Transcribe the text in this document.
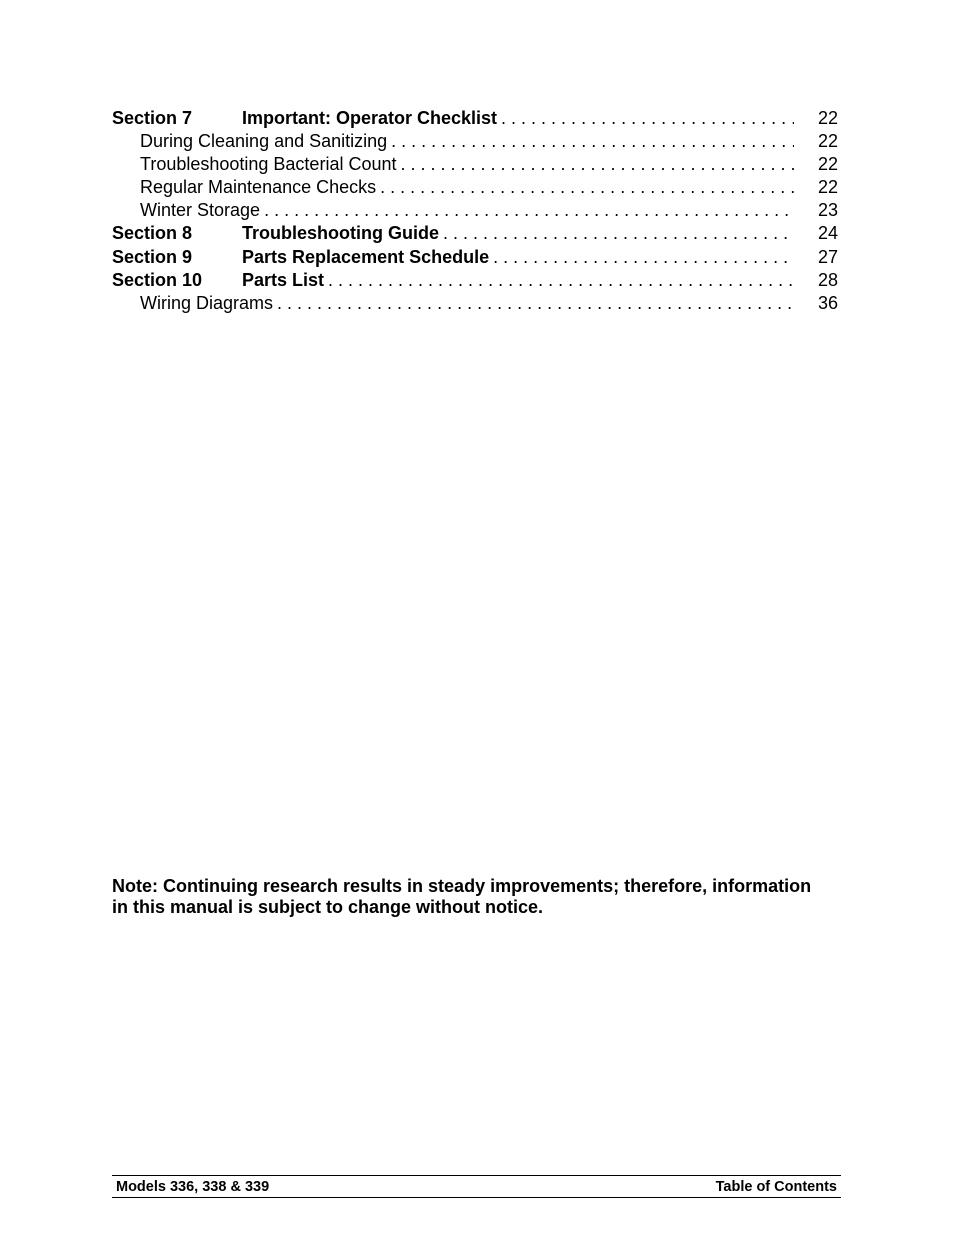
Section 7	Important: Operator Checklist . . .	22
During Cleaning and Sanitizing . . .	22
Troubleshooting Bacterial Count . . .	22
Regular Maintenance Checks . . .	22
Winter Storage . . .	23
Section 8	Troubleshooting Guide . . .	24
Section 9	Parts Replacement Schedule . . .	27
Section 10	Parts List . . .	28
Wiring Diagrams . . .	36
Note: Continuing research results in steady improvements; therefore, information
in this manual is subject to change without notice.
Models 336, 338 & 339	Table of Contents
